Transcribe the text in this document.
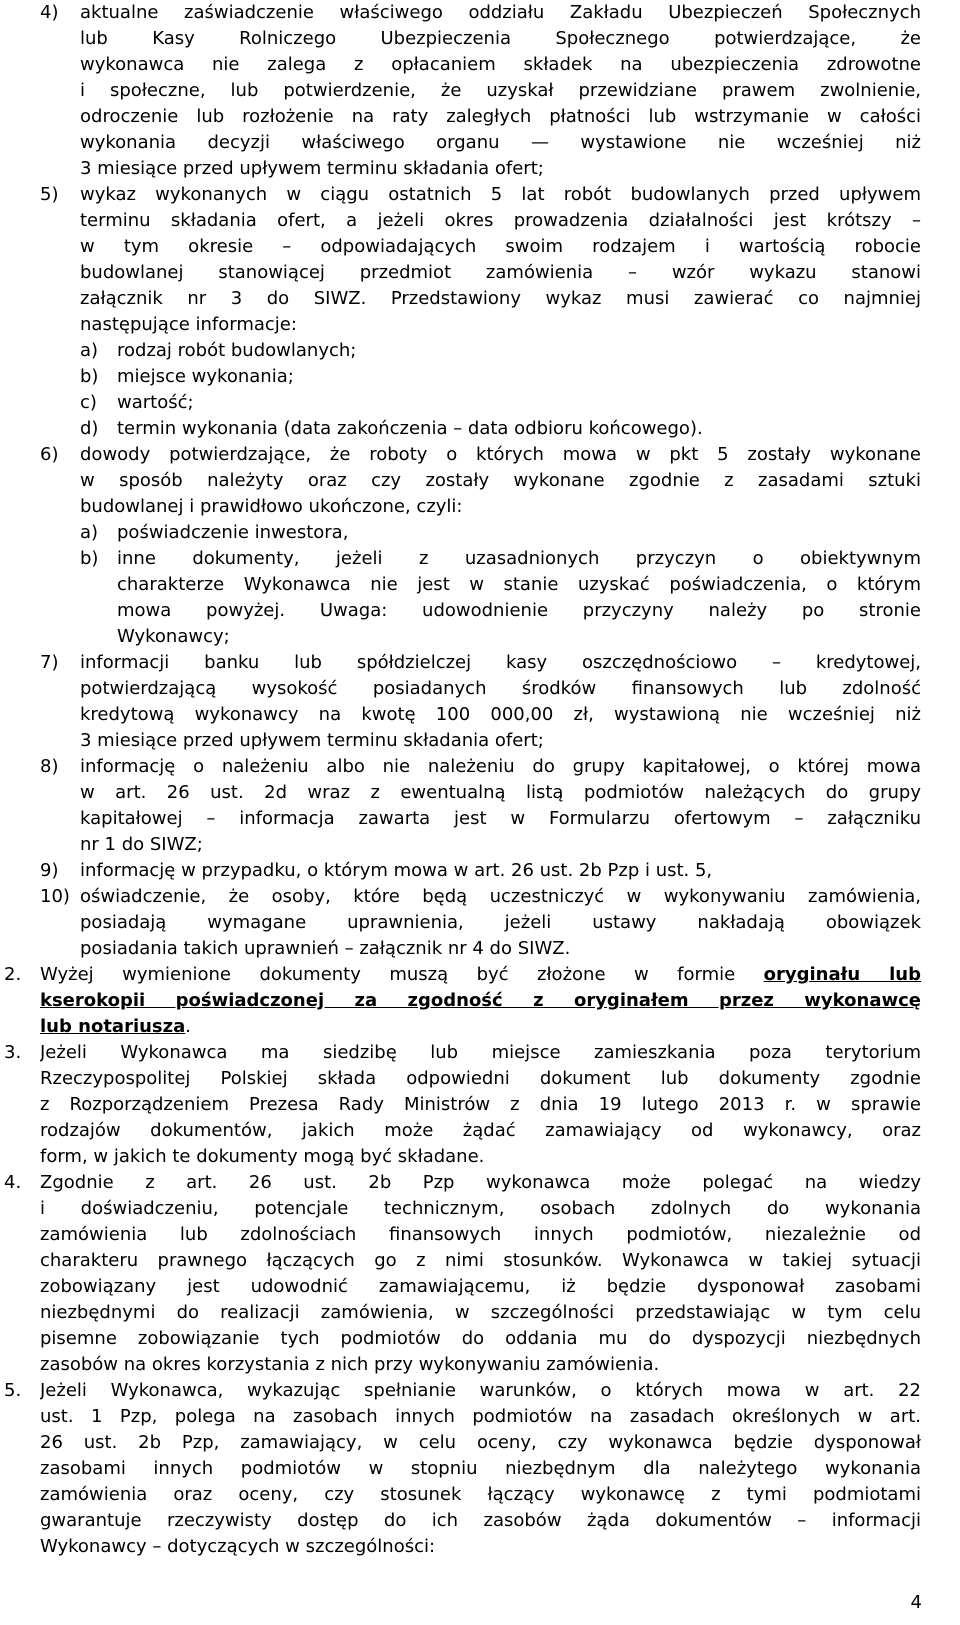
4) aktualne zaświadczenie właściwego oddziału Zakładu Ubezpieczeń Społecznych
lub Kasy Rolniczego Ubezpieczenia Społecznego potwierdzające, że
wykonawca nie zalega z opłacaniem składek na ubezpieczenia zdrowotne
i społeczne, lub potwierdzenie, że uzyskał przewidziane prawem zwolnienie,
odroczenie lub rozłożenie na raty zaległych płatności lub wstrzymanie w całości
wykonania decyzji właściwego organu — wystawione nie wcześniej niż
3 miesiące przed upływem terminu składania ofert;
5) wykaz wykonanych w ciągu ostatnich 5 lat robót budowlanych przed upływem
terminu składania ofert, a jeżeli okres prowadzenia działalności jest krótszy –
w tym okresie – odpowiadających swoim rodzajem i wartością robocie
budowlanej stanowiącej przedmiot zamówienia – wzór wykazu stanowi
załącznik nr 3 do SIWZ. Przedstawiony wykaz musi zawierać co najmniej
następujące informacje:
a) rodzaj robót budowlanych;
b) miejsce wykonania;
c) wartość;
d) termin wykonania (data zakończenia – data odbioru końcowego).
6) dowody potwierdzające, że roboty o których mowa w pkt 5 zostały wykonane
w sposób należyty oraz czy zostały wykonane zgodnie z zasadami sztuki
budowlanej i prawidłowo ukończone, czyli:
a) poświadczenie inwestora,
b) inne dokumenty, jeżeli z uzasadnionych przyczyn o obiektywnym
charakterze Wykonawca nie jest w stanie uzyskać poświadczenia, o którym
mowa powyżej. Uwaga: udowodnienie przyczyny należy po stronie
Wykonawcy;
7) informacji banku lub spółdzielczej kasy oszczędnościowo – kredytowej,
potwierdzającą wysokość posiadanych środków finansowych lub zdolność
kredytową wykonawcy na kwotę 100 000,00 zł, wystawioną nie wcześniej niż
3 miesiące przed upływem terminu składania ofert;
8) informację o należeniu albo nie należeniu do grupy kapitałowej, o której mowa
w art. 26 ust. 2d wraz z ewentualną listą podmiotów należących do grupy
kapitałowej – informacja zawarta jest w Formularzu ofertowym – załączniku
nr 1 do SIWZ;
9) informację w przypadku, o którym mowa w art. 26 ust. 2b Pzp i ust. 5,
10) oświadczenie, że osoby, które będą uczestniczyć w wykonywaniu zamówienia,
posiadają wymagane uprawnienia, jeżeli ustawy nakładają obowiązek
posiadania takich uprawnień – załącznik nr 4 do SIWZ.
2. Wyżej wymienione dokumenty muszą być złożone w formie oryginału lub
kserokopii poświadczonej za zgodność z oryginałem przez wykonawcę
lub notariusza.
3. Jeżeli Wykonawca ma siedzibę lub miejsce zamieszkania poza terytorium
Rzeczypospolitej Polskiej składa odpowiedni dokument lub dokumenty zgodnie
z Rozporządzeniem Prezesa Rady Ministrów z dnia 19 lutego 2013 r. w sprawie
rodzajów dokumentów, jakich może żądać zamawiający od wykonawcy, oraz
form, w jakich te dokumenty mogą być składane.
4. Zgodnie z art. 26 ust. 2b Pzp wykonawca może polegać na wiedzy
i doświadczeniu, potencjale technicznym, osobach zdolnych do wykonania
zamówienia lub zdolnościach finansowych innych podmiotów, niezależnie od
charakteru prawnego łączących go z nimi stosunków. Wykonawca w takiej sytuacji
zobowiązany jest udowodnić zamawiającemu, iż będzie dysponował zasobami
niezbędnymi do realizacji zamówienia, w szczególności przedstawiając w tym celu
pisemne zobowiązanie tych podmiotów do oddania mu do dyspozycji niezbędnych
zasobów na okres korzystania z nich przy wykonywaniu zamówienia.
5. Jeżeli Wykonawca, wykazując spełnianie warunków, o których mowa w art. 22
ust. 1 Pzp, polega na zasobach innych podmiotów na zasadach określonych w art.
26 ust. 2b Pzp, zamawiający, w celu oceny, czy wykonawca będzie dysponował
zasobami innych podmiotów w stopniu niezbędnym dla należytego wykonania
zamówienia oraz oceny, czy stosunek łączący wykonawcę z tymi podmiotami
gwarantuje rzeczywisty dostęp do ich zasobów żąda dokumentów – informacji
Wykonawcy – dotyczących w szczególności:
4
